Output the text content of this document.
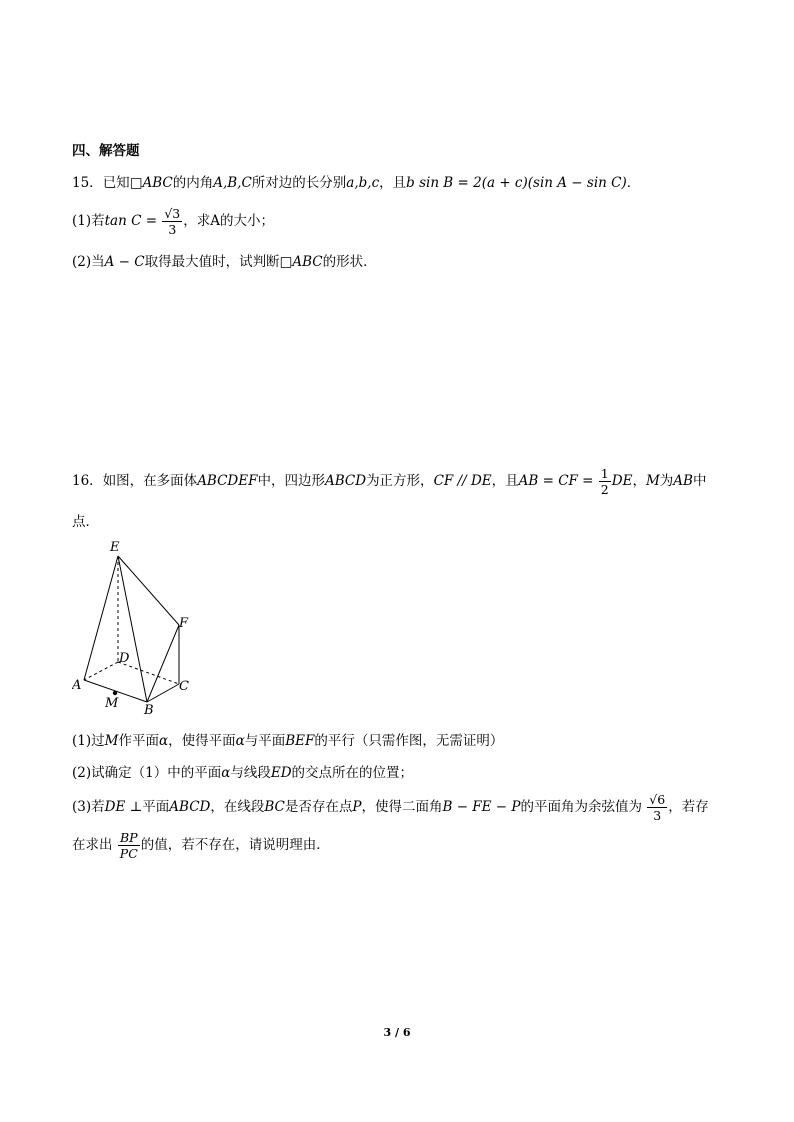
四、解答题
15．已知□ABC的内角A,B,C所对边的长分别a,b,c，且b sin B = 2(a + c)(sin A − sin C)．
(1)若$\tan C = \frac{√3}{3}$ ，求A的大小；
(2)当A − C取得最大值时，试判断□ABC的形状．
16．如图，在多面体ABCDEF中，四边形ABCD为正方形，CF // DE，且AB = CF = $\frac{1}{2}$ DE，M为AB中
点．
E
F
D
A	C
M B
(1)过M作平面α，使得平面α与平面BEF的平行（只需作图，无需证明）
(2)试确定（1）中的平面α与线段ED的交点所在的位置；
(3)若DE ⊥平面ABCD，在线段BC是否存在点P，使得二面角B − FE − P的平面角为余弦值为 $\frac{√6}{3}$ ，若存
在求出 $\frac{BP}{PC}$ 的值，若不存在，请说明理由．
3 / 6
